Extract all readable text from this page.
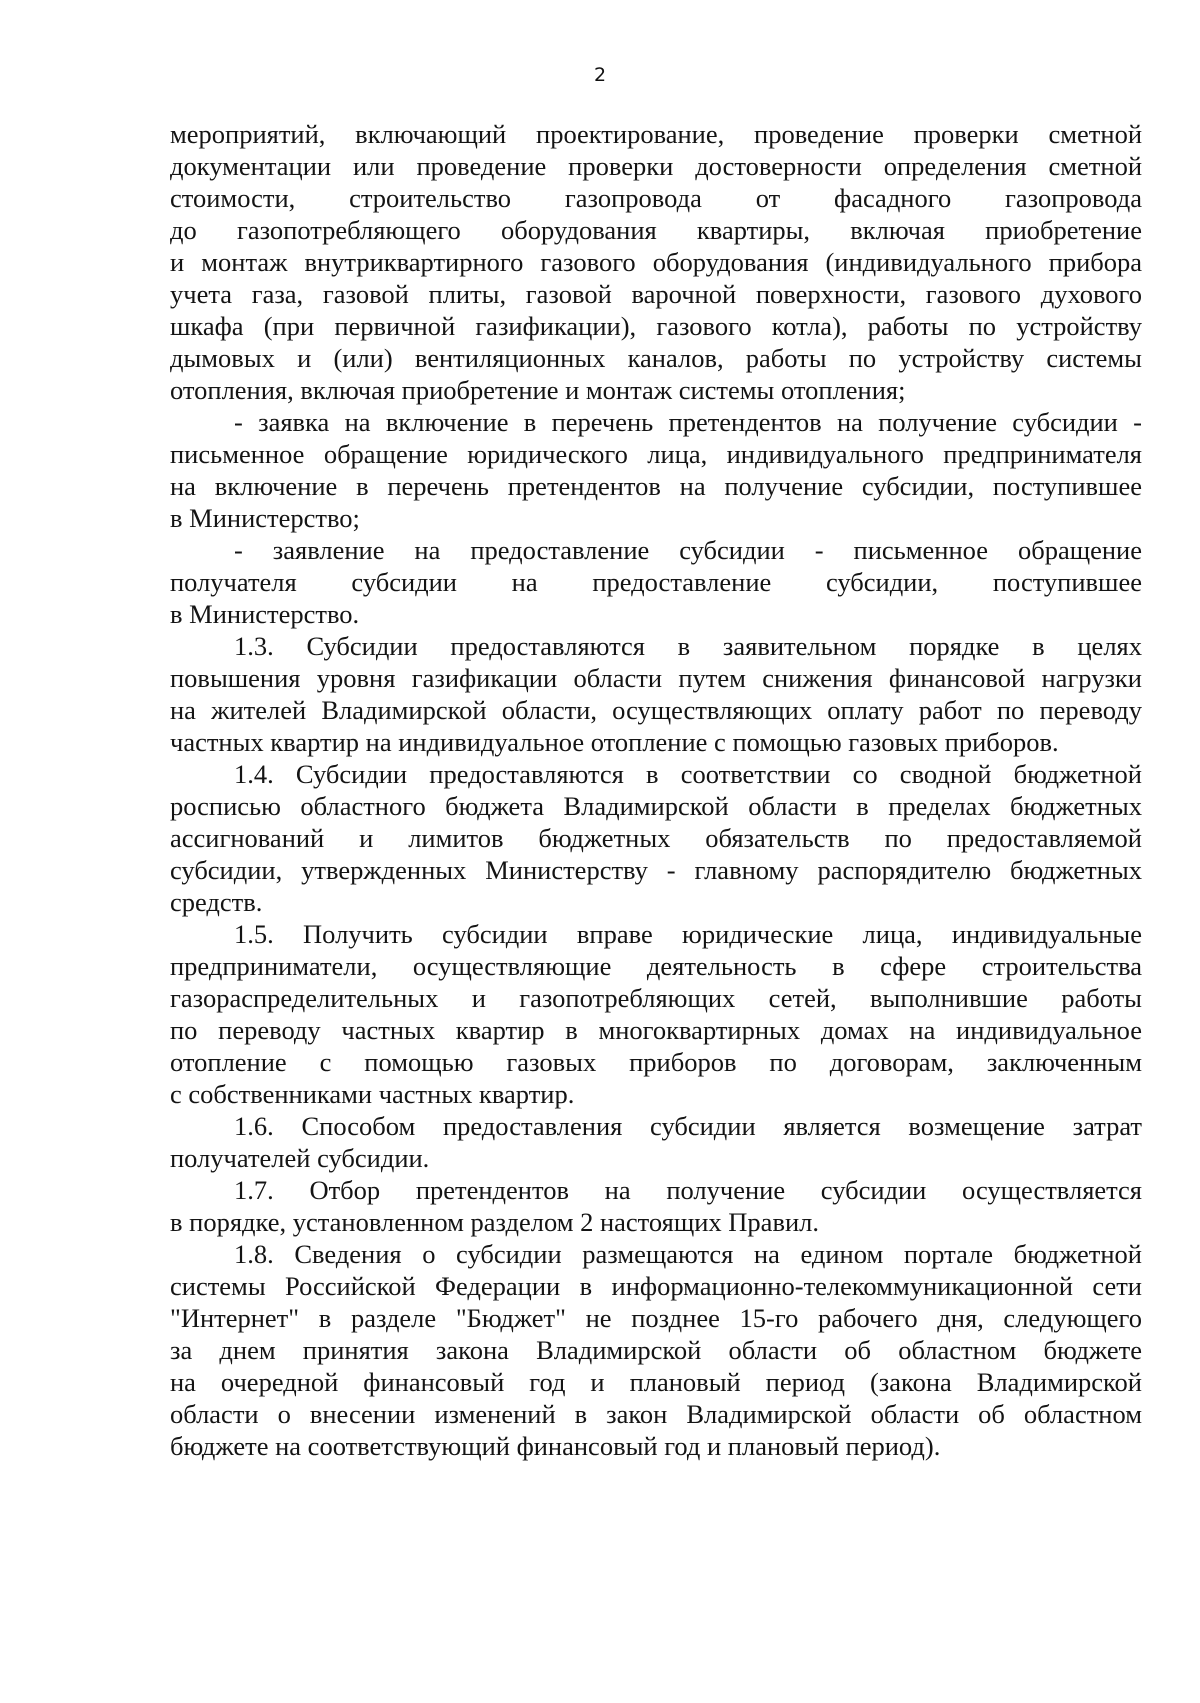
2

мероприятий, включающий проектирование, проведение проверки сметной
документации или проведение проверки достоверности определения сметной
стоимости, строительство газопровода от фасадного газопровода
до газопотребляющего оборудования квартиры, включая приобретение
и монтаж внутриквартирного газового оборудования (индивидуального прибора
учета газа, газовой плиты, газовой варочной поверхности, газового духового
шкафа (при первичной газификации), газового котла), работы по устройству
дымовых и (или) вентиляционных каналов, работы по устройству системы
отопления, включая приобретение и монтаж системы отопления;

- заявка на включение в перечень претендентов на получение субсидии -
письменное обращение юридического лица, индивидуального предпринимателя
на включение в перечень претендентов на получение субсидии, поступившее
в Министерство;

- заявление на предоставление субсидии - письменное обращение
получателя субсидии на предоставление субсидии, поступившее
в Министерство.

1.3. Субсидии предоставляются в заявительном порядке в целях
повышения уровня газификации области путем снижения финансовой нагрузки
на жителей Владимирской области, осуществляющих оплату работ по переводу
частных квартир на индивидуальное отопление с помощью газовых приборов.

1.4. Субсидии предоставляются в соответствии со сводной бюджетной
росписью областного бюджета Владимирской области в пределах бюджетных
ассигнований и лимитов бюджетных обязательств по предоставляемой
субсидии, утвержденных Министерству - главному распорядителю бюджетных
средств.

1.5. Получить субсидии вправе юридические лица, индивидуальные
предприниматели, осуществляющие деятельность в сфере строительства
газораспределительных и газопотребляющих сетей, выполнившие работы
по переводу частных квартир в многоквартирных домах на индивидуальное
отопление с помощью газовых приборов по договорам, заключенным
с собственниками частных квартир.

1.6. Способом предоставления субсидии является возмещение затрат
получателей субсидии.

1.7. Отбор претендентов на получение субсидии осуществляется
в порядке, установленном разделом 2 настоящих Правил.

1.8. Сведения о субсидии размещаются на едином портале бюджетной
системы Российской Федерации в информационно-телекоммуникационной сети
"Интернет" в разделе "Бюджет" не позднее 15-го рабочего дня, следующего
за днем принятия закона Владимирской области об областном бюджете
на очередной финансовый год и плановый период (закона Владимирской
области о внесении изменений в закон Владимирской области об областном
бюджете на соответствующий финансовый год и плановый период).
